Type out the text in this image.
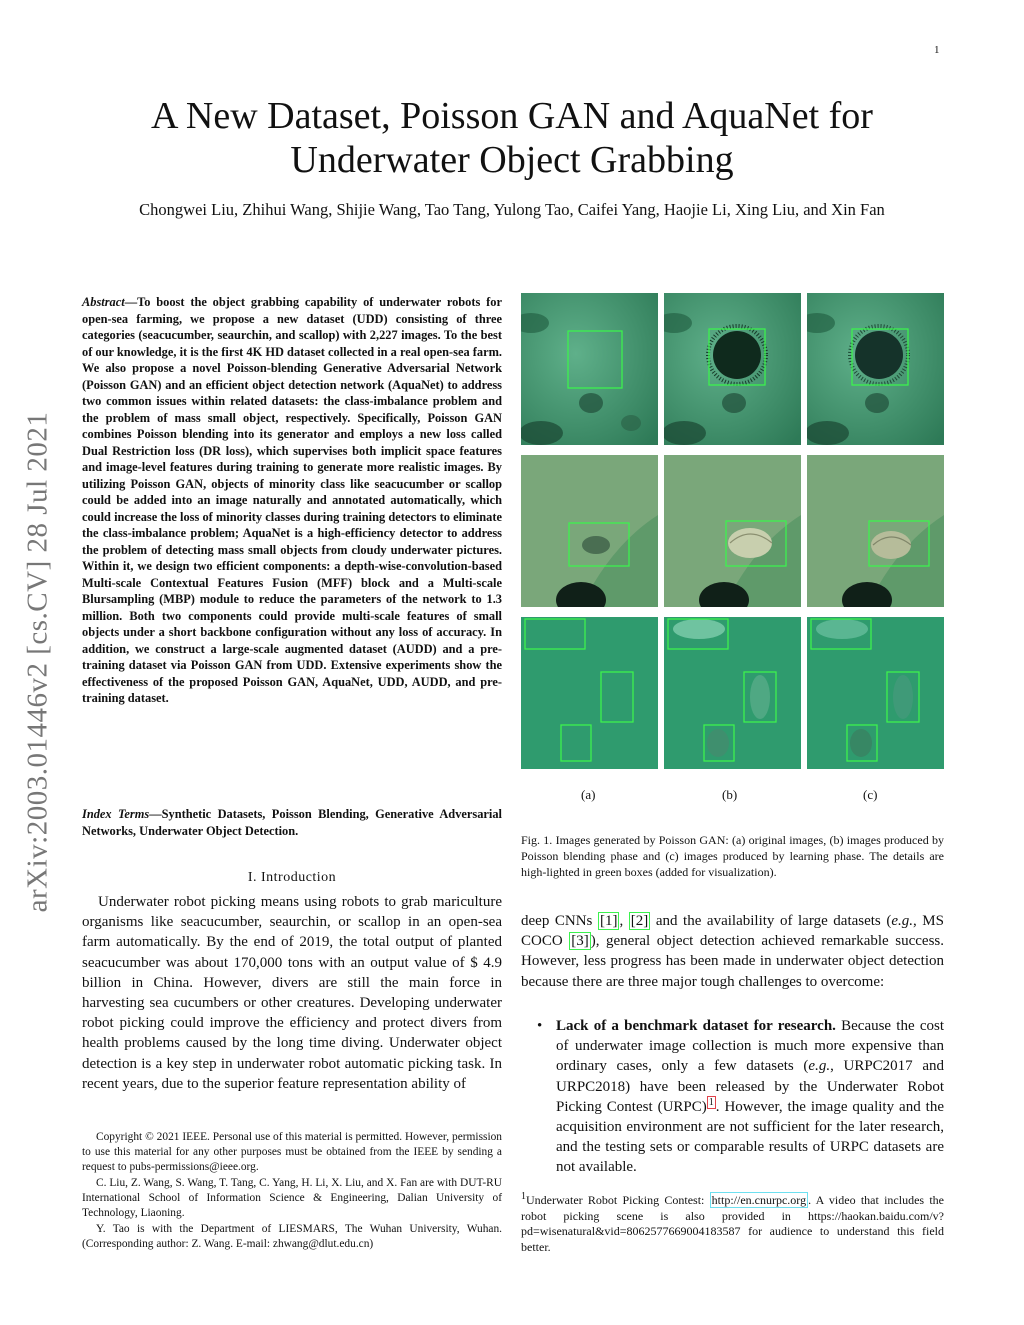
1
arXiv:2003.01446v2 [cs.CV] 28 Jul 2021
A New Dataset, Poisson GAN and AquaNet for Underwater Object Grabbing
Chongwei Liu, Zhihui Wang, Shijie Wang, Tao Tang, Yulong Tao, Caifei Yang, Haojie Li, Xing Liu, and Xin Fan
Abstract—To boost the object grabbing capability of underwater robots for open-sea farming, we propose a new dataset (UDD) consisting of three categories (seacucumber, seaurchin, and scallop) with 2,227 images. To the best of our knowledge, it is the first 4K HD dataset collected in a real open-sea farm. We also propose a novel Poisson-blending Generative Adversarial Network (Poisson GAN) and an efficient object detection network (AquaNet) to address two common issues within related datasets: the class-imbalance problem and the problem of mass small object, respectively. Specifically, Poisson GAN combines Poisson blending into its generator and employs a new loss called Dual Restriction loss (DR loss), which supervises both implicit space features and image-level features during training to generate more realistic images. By utilizing Poisson GAN, objects of minority class like seacucumber or scallop could be added into an image naturally and annotated automatically, which could increase the loss of minority classes during training detectors to eliminate the class-imbalance problem; AquaNet is a high-efficiency detector to address the problem of detecting mass small objects from cloudy underwater pictures. Within it, we design two efficient components: a depth-wise-convolution-based Multi-scale Contextual Features Fusion (MFF) block and a Multi-scale Blursampling (MBP) module to reduce the parameters of the network to 1.3 million. Both two components could provide multi-scale features of small objects under a short backbone configuration without any loss of accuracy. In addition, we construct a large-scale augmented dataset (AUDD) and a pre-training dataset via Poisson GAN from UDD. Extensive experiments show the effectiveness of the proposed Poisson GAN, AquaNet, UDD, AUDD, and pre-training dataset.
Index Terms—Synthetic Datasets, Poisson Blending, Generative Adversarial Networks, Underwater Object Detection.
I. Introduction
Underwater robot picking means using robots to grab mariculture organisms like seacucumber, seaurchin, or scallop in an open-sea farm automatically. By the end of 2019, the total output of planted seacucumber was about 170,000 tons with an output value of $ 4.9 billion in China. However, divers are still the main force in harvesting sea cucumbers or other creatures. Developing underwater robot picking could improve the efficiency and protect divers from health problems caused by the long time diving. Underwater object detection is a key step in underwater robot automatic picking task. In recent years, due to the superior feature representation ability of

Copyright © 2021 IEEE. Personal use of this material is permitted. However, permission to use this material for any other purposes must be obtained from the IEEE by sending a request to pubs-permissions@ieee.org.

C. Liu, Z. Wang, S. Wang, T. Tang, C. Yang, H. Li, X. Liu, and X. Fan are with DUT-RU International School of Information Science & Engineering, Dalian University of Technology, Liaoning.

Y. Tao is with the Department of LIESMARS, The Wuhan University, Wuhan. (Corresponding author: Z. Wang. E-mail: zhwang@dlut.edu.cn)

(a)	(b)	(c)
Fig. 1. Images generated by Poisson GAN: (a) original images, (b) images produced by Poisson blending phase and (c) images produced by learning phase. The details are high-lighted in green boxes (added for visualization).
deep CNNs [1] , [2] and the availability of large datasets (e.g., MS COCO [3] ), general object detection achieved remarkable success. However, less progress has been made in underwater object detection because there are three major tough challenges to overcome:
• Lack of a benchmark dataset for research. Because the cost of underwater image collection is much more expensive than ordinary cases, only a few datasets (e.g., URPC2017 and URPC2018) have been released by the Underwater Robot Picking Contest (URPC) $^1$ . However, the image quality and the acquisition environment are not sufficient for the later research, and the testing sets or comparable results of URPC datasets are not available.
$^1$Underwater Robot Picking Contest: http://en.cnurpc.org . A video that includes the robot picking scene is also provided in https://haokan.baidu.com/v?pd=wisenatural&vid=8062577669004183587 for audience to understand this field better.
